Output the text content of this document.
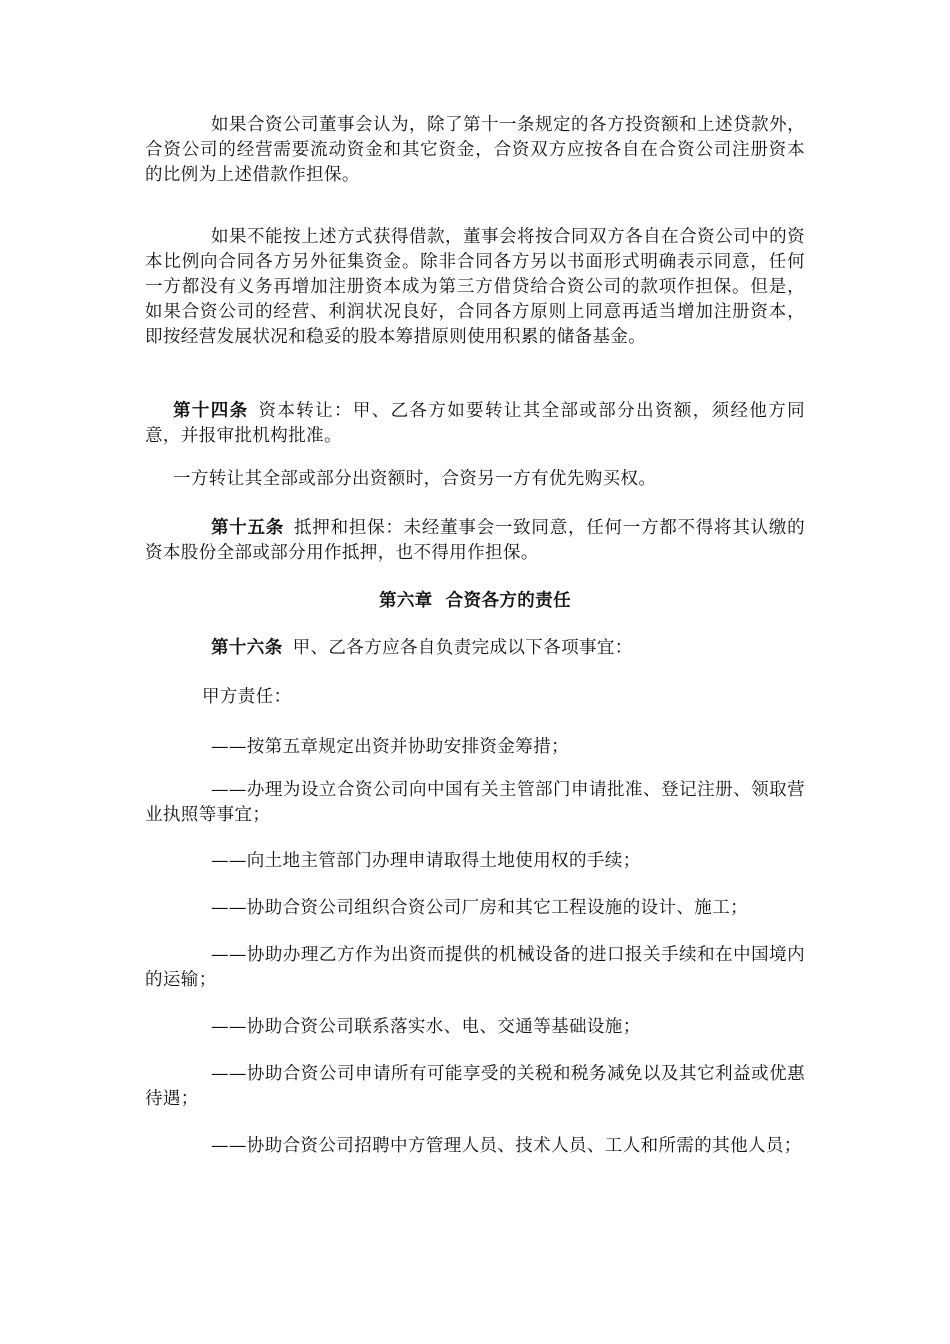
如果合资公司董事会认为，除了第十一条规定的各方投资额和上述贷款外，合资公司的经营需要流动资金和其它资金，合资双方应按各自在合资公司注册资本的比例为上述借款作担保。

如果不能按上述方式获得借款，董事会将按合同双方各自在合资公司中的资本比例向合同各方另外征集资金。除非合同各方另以书面形式明确表示同意，任何一方都没有义务再增加注册资本成为第三方借贷给合资公司的款项作担保。但是，如果合资公司的经营、利润状况良好，合同各方原则上同意再适当增加注册资本，即按经营发展状况和稳妥的股本筹措原则使用积累的储备基金。

第十四条 资本转让：甲、乙各方如要转让其全部或部分出资额，须经他方同意，并报审批机构批准。

一方转让其全部或部分出资额时，合资另一方有优先购买权。

第十五条 抵押和担保：未经董事会一致同意，任何一方都不得将其认缴的资本股份全部或部分用作抵押，也不得用作担保。

第六章  合资各方的责任

第十六条 甲、乙各方应各自负责完成以下各项事宜：

甲方责任：

——按第五章规定出资并协助安排资金筹措；

——办理为设立合资公司向中国有关主管部门申请批准、登记注册、领取营业执照等事宜；

——向土地主管部门办理申请取得土地使用权的手续；

——协助合资公司组织合资公司厂房和其它工程设施的设计、施工；

——协助办理乙方作为出资而提供的机械设备的进口报关手续和在中国境内的运输；

——协助合资公司联系落实水、电、交通等基础设施；

——协助合资公司申请所有可能享受的关税和税务减免以及其它利益或优惠待遇；

——协助合资公司招聘中方管理人员、技术人员、工人和所需的其他人员；
